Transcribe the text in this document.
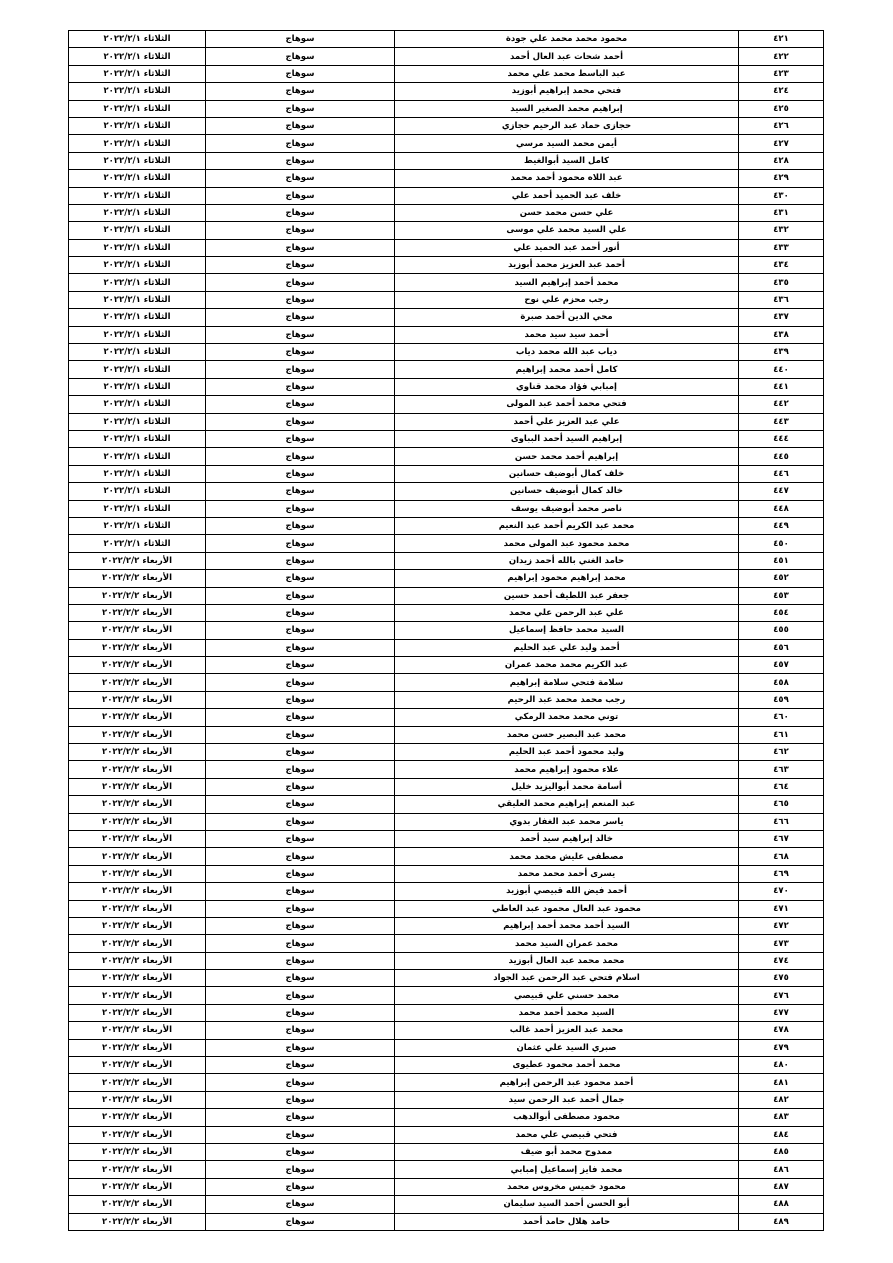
٤٢١	محمود محمد محمد علي جودة	سوهاج	الثلاثاء ٢٠٢٢/٢/١
٤٢٢	أحمد شحات عبد العال أحمد	سوهاج	الثلاثاء ٢٠٢٢/٢/١
٤٢٣	عبد الباسط محمد علي محمد	سوهاج	الثلاثاء ٢٠٢٢/٢/١
٤٢٤	فتحي محمد إبراهيم أبوزيد	سوهاج	الثلاثاء ٢٠٢٢/٢/١
٤٢٥	إبراهيم محمد الصغير السيد	سوهاج	الثلاثاء ٢٠٢٢/٢/١
٤٢٦	حجازى حماد عبد الرحيم حجازي	سوهاج	الثلاثاء ٢٠٢٢/٢/١
٤٢٧	أيمن محمد السيد مرسي	سوهاج	الثلاثاء ٢٠٢٢/٢/١
٤٢٨	كامل السيد أبوالغيط	سوهاج	الثلاثاء ٢٠٢٢/٢/١
٤٢٩	عبد اللاه محمود أحمد محمد	سوهاج	الثلاثاء ٢٠٢٢/٢/١
٤٣٠	خلف عبد الحميد أحمد علي	سوهاج	الثلاثاء ٢٠٢٢/٢/١
٤٣١	علي حسن محمد حسن	سوهاج	الثلاثاء ٢٠٢٢/٢/١
٤٣٢	علي السيد محمد علي موسى	سوهاج	الثلاثاء ٢٠٢٢/٢/١
٤٣٣	أنور أحمد عبد الحميد علي	سوهاج	الثلاثاء ٢٠٢٢/٢/١
٤٣٤	أحمد عبد العزيز محمد أبوزيد	سوهاج	الثلاثاء ٢٠٢٢/٢/١
٤٣٥	محمد أحمد إبراهيم السيد	سوهاج	الثلاثاء ٢٠٢٢/٢/١
٤٣٦	رجب محزم علي نوح	سوهاج	الثلاثاء ٢٠٢٢/٢/١
٤٣٧	محي الدين أحمد صبرة	سوهاج	الثلاثاء ٢٠٢٢/٢/١
٤٣٨	أحمد سيد سيد محمد	سوهاج	الثلاثاء ٢٠٢٢/٢/١
٤٣٩	دياب عبد الله محمد دياب	سوهاج	الثلاثاء ٢٠٢٢/٢/١
٤٤٠	كامل أحمد محمد إبراهيم	سوهاج	الثلاثاء ٢٠٢٢/٢/١
٤٤١	إمبابي فؤاد محمد قناوي	سوهاج	الثلاثاء ٢٠٢٢/٢/١
٤٤٢	فتحي محمد أحمد عبد المولى	سوهاج	الثلاثاء ٢٠٢٢/٢/١
٤٤٣	علي عبد العزيز علي أحمد	سوهاج	الثلاثاء ٢٠٢٢/٢/١
٤٤٤	إبراهيم السيد أحمد البباوى	سوهاج	الثلاثاء ٢٠٢٢/٢/١
٤٤٥	إبراهيم أحمد محمد حسن	سوهاج	الثلاثاء ٢٠٢٢/٢/١
٤٤٦	خلف كمال أبوضيف حسانين	سوهاج	الثلاثاء ٢٠٢٢/٢/١
٤٤٧	خالد كمال أبوضيف حسانين	سوهاج	الثلاثاء ٢٠٢٢/٢/١
٤٤٨	ناصر محمد أبوضيف يوسف	سوهاج	الثلاثاء ٢٠٢٢/٢/١
٤٤٩	محمد عبد الكريم أحمد عبد النعيم	سوهاج	الثلاثاء ٢٠٢٢/٢/١
٤٥٠	محمد محمود عبد المولى محمد	سوهاج	الثلاثاء ٢٠٢٢/٢/١
٤٥١	حامد الغني بالله أحمد زيدان	سوهاج	الأربعاء ٢٠٢٢/٢/٢
٤٥٢	محمد إبراهيم محمود إبراهيم	سوهاج	الأربعاء ٢٠٢٢/٢/٢
٤٥٣	جعفر عبد اللطيف أحمد حسين	سوهاج	الأربعاء ٢٠٢٢/٢/٢
٤٥٤	علي عبد الرحمن علي محمد	سوهاج	الأربعاء ٢٠٢٢/٢/٢
٤٥٥	السيد محمد حافظ إسماعيل	سوهاج	الأربعاء ٢٠٢٢/٢/٢
٤٥٦	أحمد وليد علي عبد الحليم	سوهاج	الأربعاء ٢٠٢٢/٢/٢
٤٥٧	عبد الكريم محمد محمد عمران	سوهاج	الأربعاء ٢٠٢٢/٢/٢
٤٥٨	سلامة فتحي سلامة إبراهيم	سوهاج	الأربعاء ٢٠٢٢/٢/٢
٤٥٩	رجب محمد محمد عبد الرحيم	سوهاج	الأربعاء ٢٠٢٢/٢/٢
٤٦٠	توني محمد محمد الرمكي	سوهاج	الأربعاء ٢٠٢٢/٢/٢
٤٦١	محمد عبد البصير حسن محمد	سوهاج	الأربعاء ٢٠٢٢/٢/٢
٤٦٢	وليد محمود أحمد عبد الحليم	سوهاج	الأربعاء ٢٠٢٢/٢/٢
٤٦٣	علاء محمود إبراهيم محمد	سوهاج	الأربعاء ٢٠٢٢/٢/٢
٤٦٤	أسامة محمد أبواليزيد خليل	سوهاج	الأربعاء ٢٠٢٢/٢/٢
٤٦٥	عبد المنعم إبراهيم محمد العليقي	سوهاج	الأربعاء ٢٠٢٢/٢/٢
٤٦٦	ياسر محمد عبد الغفار بدوي	سوهاج	الأربعاء ٢٠٢٢/٢/٢
٤٦٧	خالد إبراهيم سيد أحمد	سوهاج	الأربعاء ٢٠٢٢/٢/٢
٤٦٨	مصطفى عليش محمد محمد	سوهاج	الأربعاء ٢٠٢٢/٢/٢
٤٦٩	يسرى أحمد محمد محمد	سوهاج	الأربعاء ٢٠٢٢/٢/٢
٤٧٠	أحمد فيض الله قبيصي أبوزيد	سوهاج	الأربعاء ٢٠٢٢/٢/٢
٤٧١	محمود عبد العال محمود عبد العاطي	سوهاج	الأربعاء ٢٠٢٢/٢/٢
٤٧٢	السيد أحمد محمد أحمد إبراهيم	سوهاج	الأربعاء ٢٠٢٢/٢/٢
٤٧٣	محمد عمران السيد محمد	سوهاج	الأربعاء ٢٠٢٢/٢/٢
٤٧٤	محمد محمد عبد العال أبوزيد	سوهاج	الأربعاء ٢٠٢٢/٢/٢
٤٧٥	اسلام فتحي عبد الرحمن عبد الجواد	سوهاج	الأربعاء ٢٠٢٢/٢/٢
٤٧٦	محمد حسني علي قبيصي	سوهاج	الأربعاء ٢٠٢٢/٢/٢
٤٧٧	السيد محمد أحمد محمد	سوهاج	الأربعاء ٢٠٢٢/٢/٢
٤٧٨	محمد عبد العزيز أحمد غالب	سوهاج	الأربعاء ٢٠٢٢/٢/٢
٤٧٩	صبري السيد علي عثمان	سوهاج	الأربعاء ٢٠٢٢/٢/٢
٤٨٠	محمد أحمد محمود عطيوى	سوهاج	الأربعاء ٢٠٢٢/٢/٢
٤٨١	أحمد محمود عبد الرحمن إبراهيم	سوهاج	الأربعاء ٢٠٢٢/٢/٢
٤٨٢	جمال أحمد عبد الرحمن سيد	سوهاج	الأربعاء ٢٠٢٢/٢/٢
٤٨٣	محمود مصطفى أبوالدهب	سوهاج	الأربعاء ٢٠٢٢/٢/٢
٤٨٤	فتحي قبيصي علي محمد	سوهاج	الأربعاء ٢٠٢٢/٢/٢
٤٨٥	ممدوح محمد أبو ضيف	سوهاج	الأربعاء ٢٠٢٢/٢/٢
٤٨٦	محمد فايز إسماعيل إمبابي	سوهاج	الأربعاء ٢٠٢٢/٢/٢
٤٨٧	محمود خميس مخروس محمد	سوهاج	الأربعاء ٢٠٢٢/٢/٢
٤٨٨	أبو الحسن أحمد السيد سليمان	سوهاج	الأربعاء ٢٠٢٢/٢/٢
٤٨٩	حامد هلال حامد أحمد	سوهاج	الأربعاء ٢٠٢٢/٢/٢
